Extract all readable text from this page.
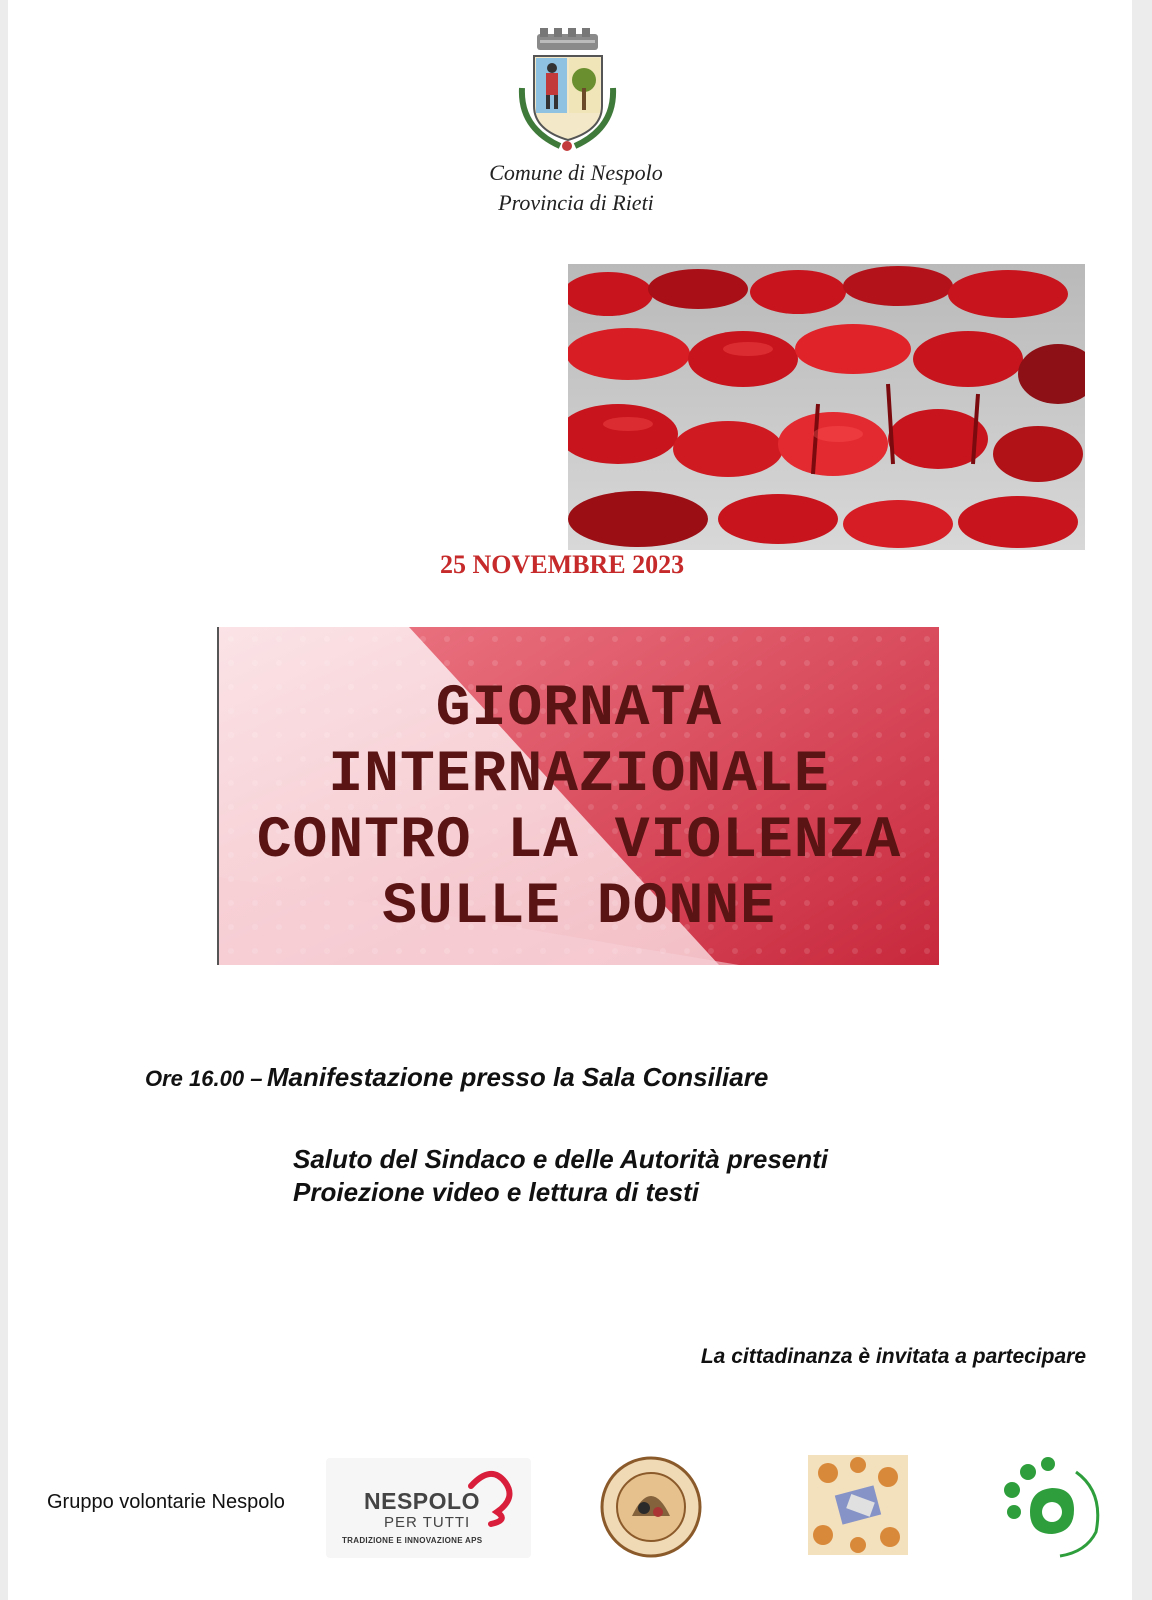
Comune di Nespolo
Provincia di Rieti
25 NOVEMBRE 2023
GIORNATA
INTERNAZIONALE
CONTRO LA VIOLENZA
SULLE DONNE
Ore 16.00 – Manifestazione presso la Sala Consiliare
Saluto del Sindaco e delle Autorità presenti
Proiezione video e lettura di testi
La cittadinanza è invitata a partecipare
Gruppo volontarie Nespolo	NESPOLO
PER TUTTI
TRADIZIONE E INNOVAZIONE APS
